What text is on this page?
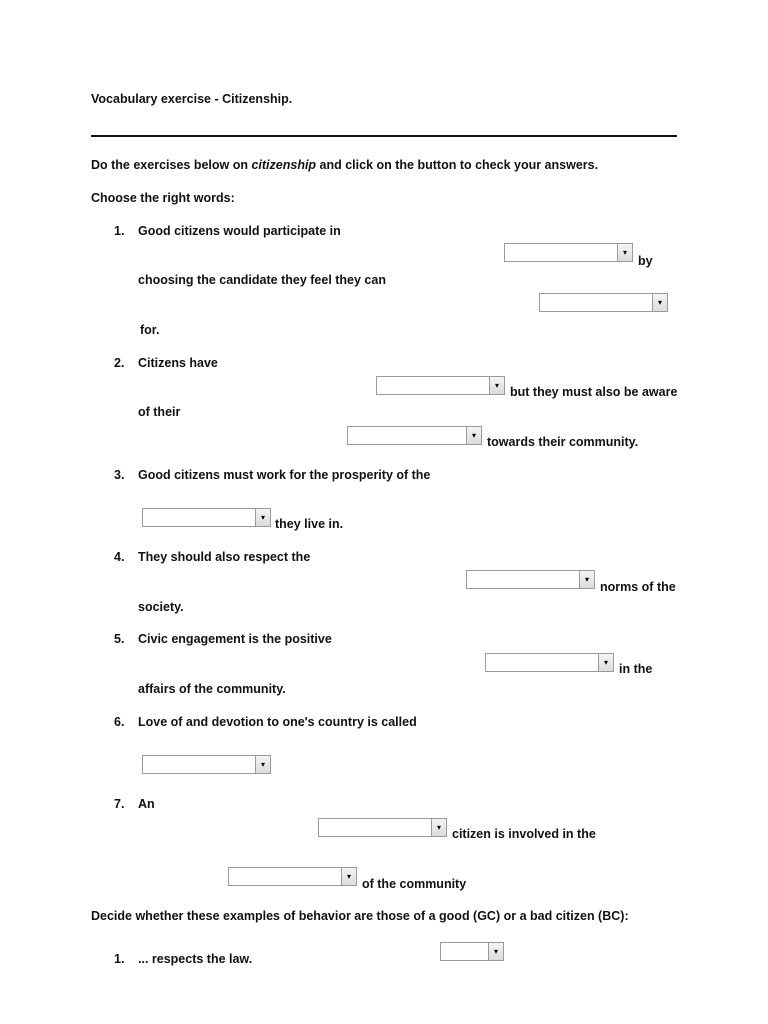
Vocabulary exercise - Citizenship.
Do the exercises below on citizenship and click on the button to check your answers.
Choose the right words:
1. Good citizens would participate in
▾
by
choosing the candidate they feel they can
▾
for.
2. Citizens have
▾ but they must also be aware
of their
▾ towards their community.
3. Good citizens must work for the prosperity of the
▾ they live in.
4. They should also respect the
▾
norms of the
society.
5. Civic engagement is the positive
▾ in the
affairs of the community.
6. Love of and devotion to one's country is called
▾
7. An
▾ citizen is involved in the
▾
of the community
Decide whether these examples of behavior are those of a good (GC) or a bad citizen (BC):
1. ... respects the law.
▾
